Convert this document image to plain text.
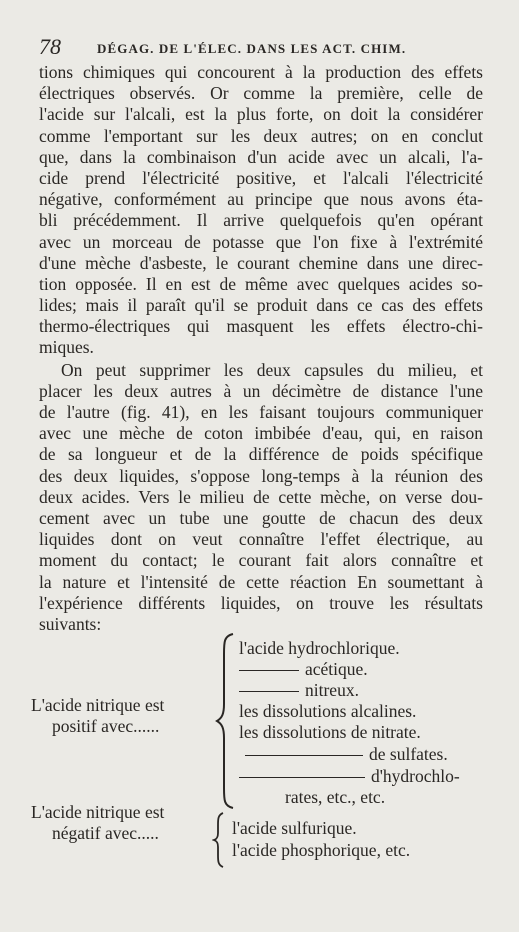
78	DÉGAG. DE L'ÉLEC. DANS LES ACT. CHIM.
tions chimiques qui concourent à la production des effets
électriques observés. Or comme la première, celle de
l'acide sur l'alcali, est la plus forte, on doit la considérer
comme l'emportant sur les deux autres; on en conclut
que, dans la combinaison d'un acide avec un alcali, l'a-
cide prend l'électricité positive, et l'alcali l'électricité
négative, conformément au principe que nous avons éta-
bli précédemment. Il arrive quelquefois qu'en opérant
avec un morceau de potasse que l'on fixe à l'extrémité
d'une mèche d'asbeste, le courant chemine dans une direc-
tion opposée. Il en est de même avec quelques acides so-
lides; mais il paraît qu'il se produit dans ce cas des effets
thermo-électriques qui masquent les effets électro-chi-
miques.
On peut supprimer les deux capsules du milieu, et
placer les deux autres à un décimètre de distance l'une
de l'autre (fig. 41), en les faisant toujours communiquer
avec une mèche de coton imbibée d'eau, qui, en raison
de sa longueur et de la différence de poids spécifique
des deux liquides, s'oppose long-temps à la réunion des
deux acides. Vers le milieu de cette mèche, on verse dou-
cement avec un tube une goutte de chacun des deux
liquides dont on veut connaître l'effet électrique, au
moment du contact; le courant fait alors connaître et
la nature et l'intensité de cette réaction En soumettant à
l'expérience différents liquides, on trouve les résultats
suivants:
L'acide nitrique est
positif avec......
l'acide hydrochlorique.
acétique.
nitreux.
les dissolutions alcalines.
les dissolutions de nitrate.
de sulfates.
d'hydrochlo-
rates, etc., etc.
L'acide nitrique est
négatif avec.....	l'acide sulfurique.
l'acide phosphorique, etc.
